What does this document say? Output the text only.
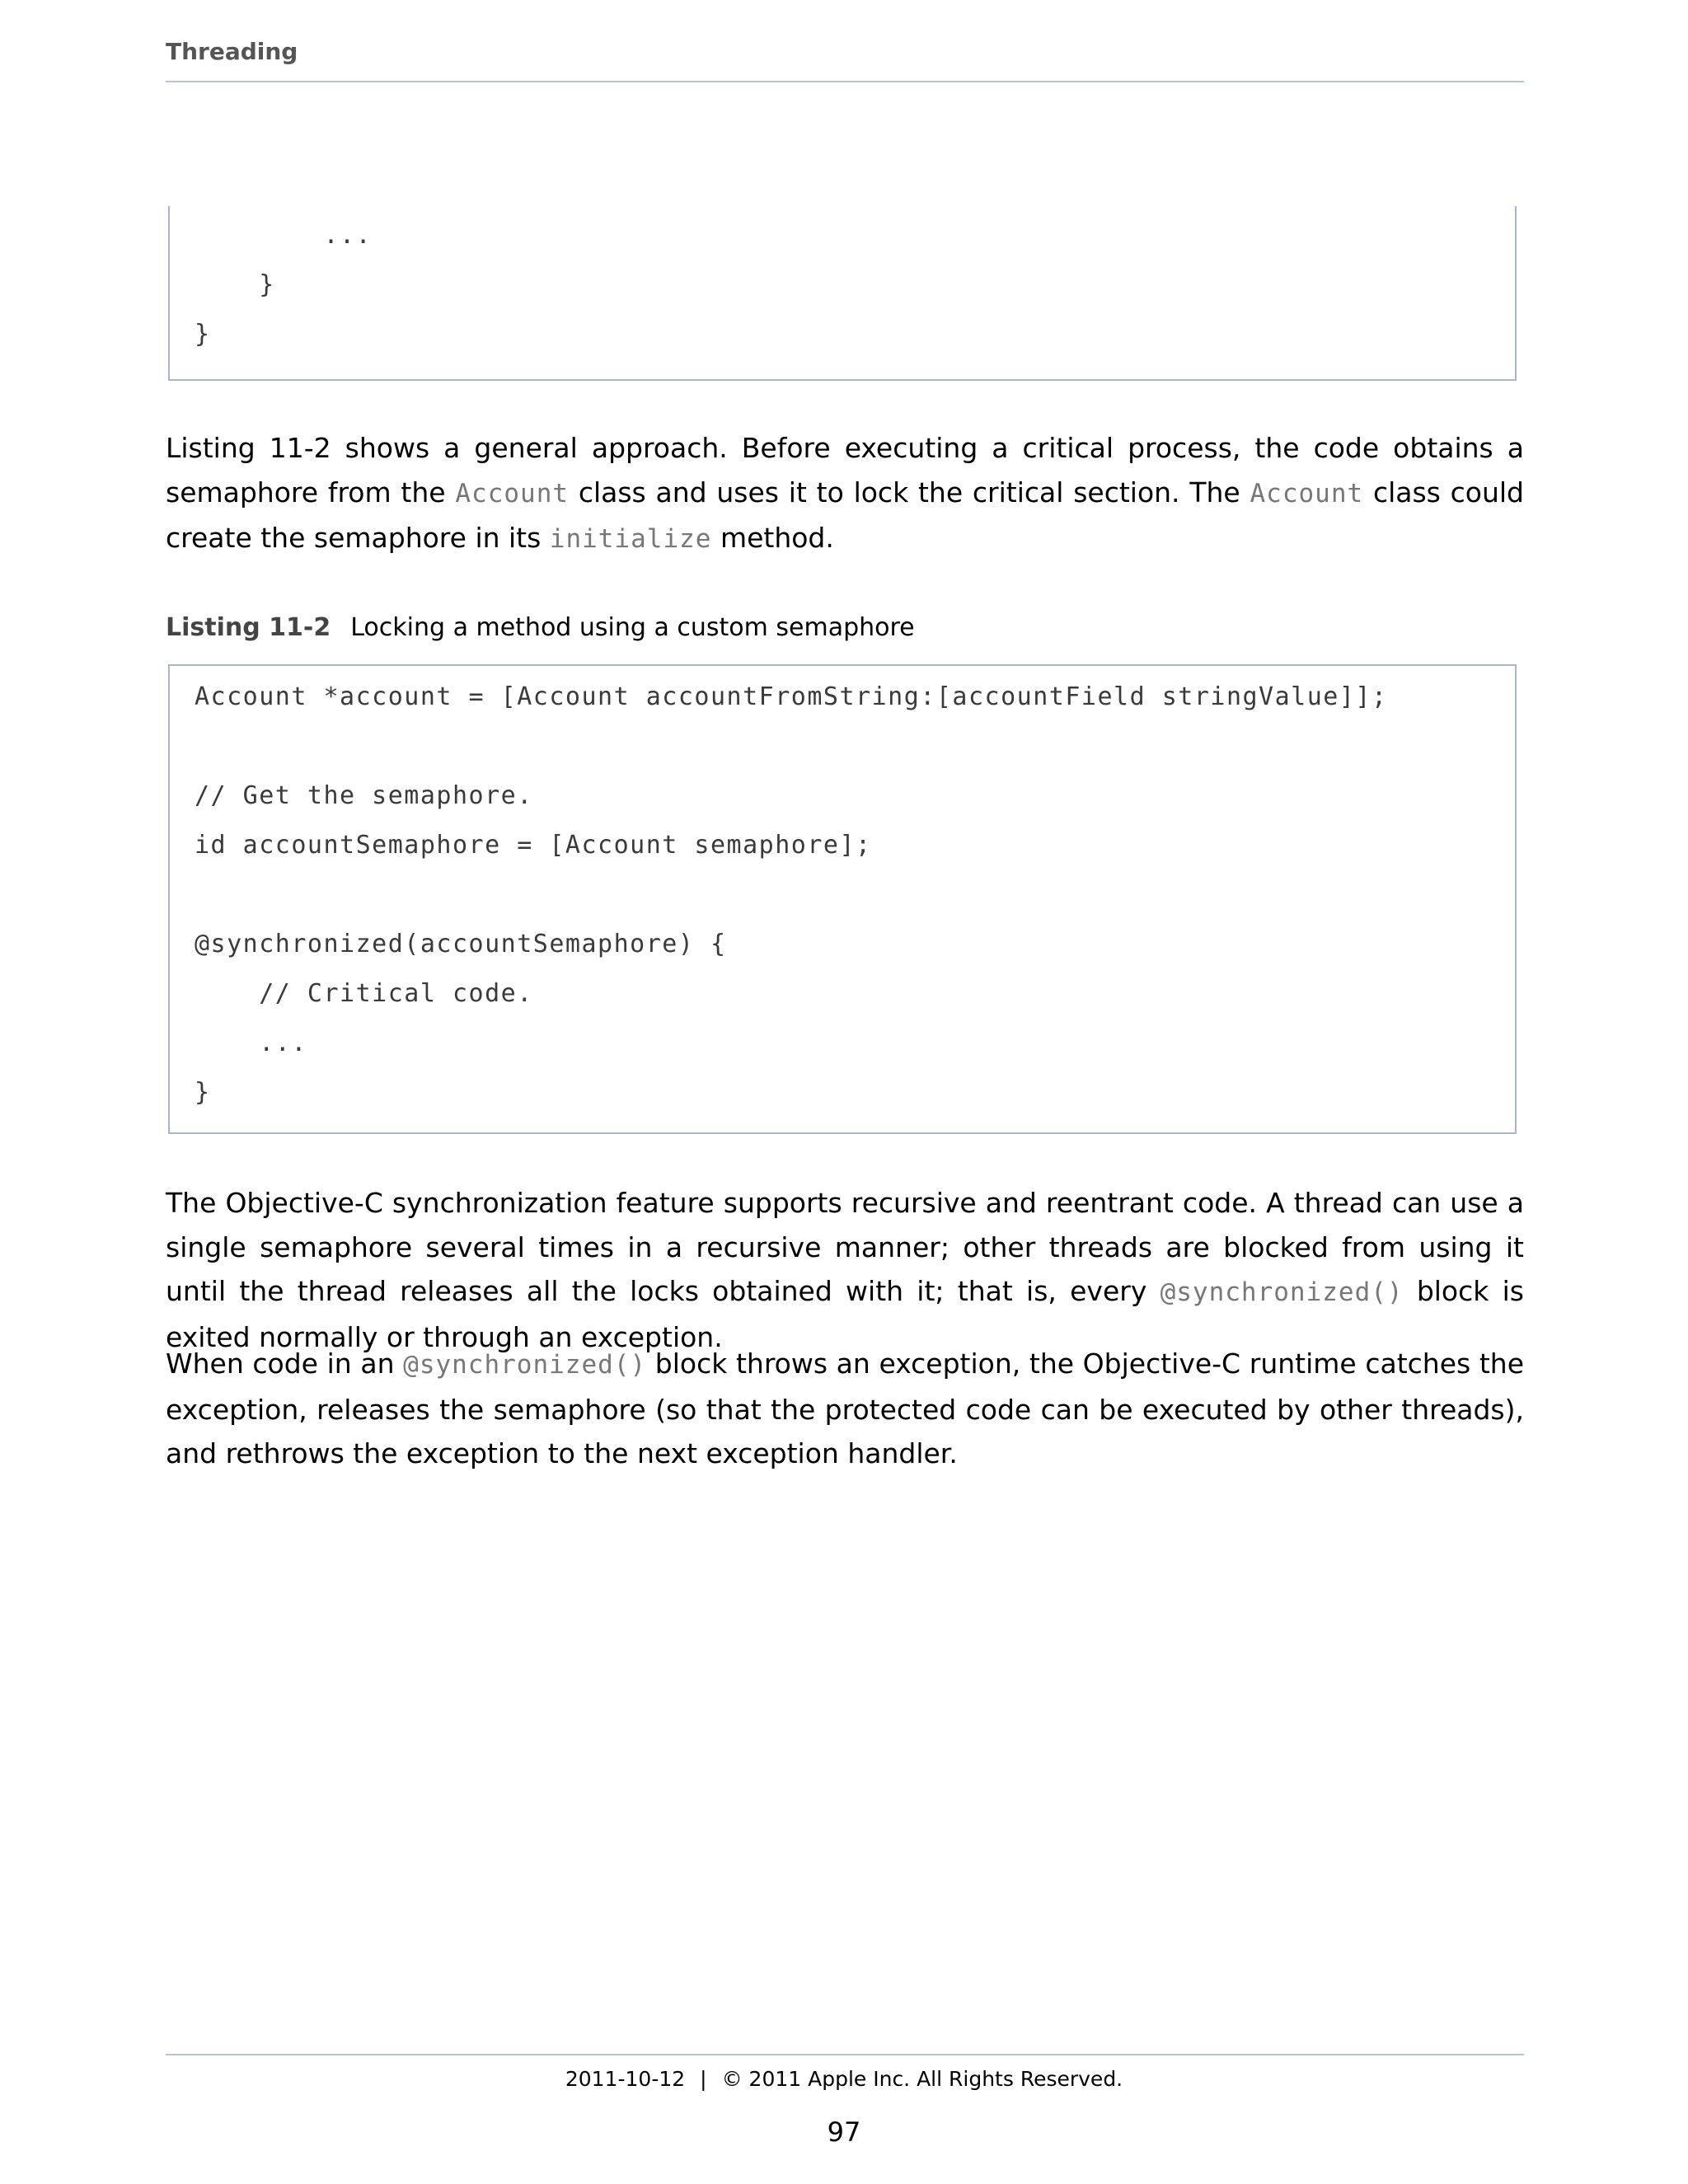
Threading
...
}
}
Listing 11-2 shows a general approach. Before executing a critical process, the code obtains a semaphore from the Account class and uses it to lock the critical section. The Account class could create the semaphore in its initialize method.
Listing 11-2 Locking a method using a custom semaphore
Account *account = [Account accountFromString:[accountField stringValue]];
// Get the semaphore.
id accountSemaphore = [Account semaphore];
@synchronized(accountSemaphore) {
// Critical code.
...
}
The Objective-C synchronization feature supports recursive and reentrant code. A thread can use a single semaphore several times in a recursive manner; other threads are blocked from using it until the thread releases all the locks obtained with it; that is, every @synchronized() block is exited normally or through an exception.
When code in an @synchronized() block throws an exception, the Objective-C runtime catches the exception, releases the semaphore (so that the protected code can be executed by other threads), and rethrows the exception to the next exception handler.
2011-10-12 | © 2011 Apple Inc. All Rights Reserved.
97
